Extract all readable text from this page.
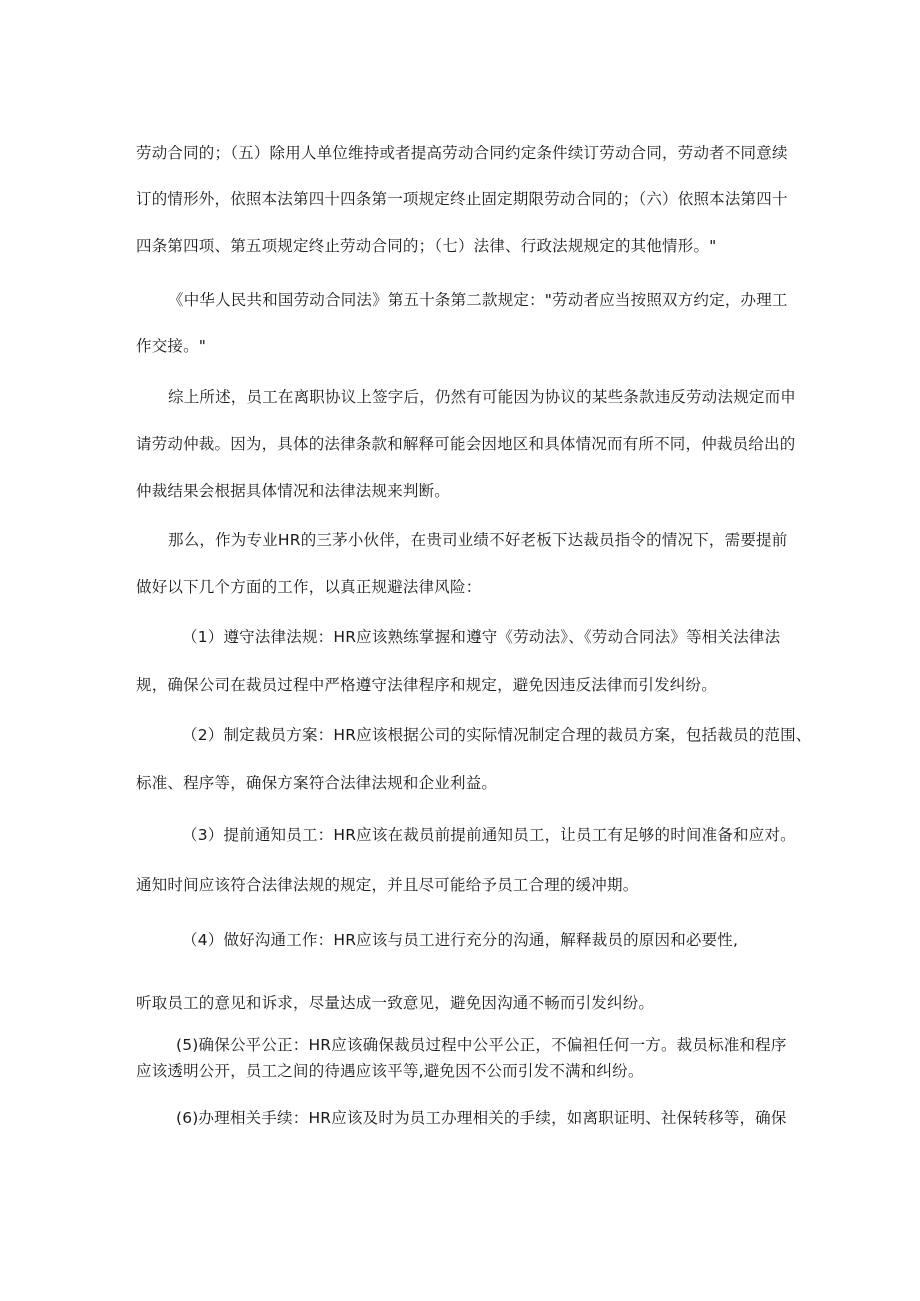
劳动合同的；（五）除用人单位维持或者提高劳动合同约定条件续订劳动合同，劳动者不同意续
订的情形外，依照本法第四十四条第一项规定终止固定期限劳动合同的；（六）依照本法第四十
四条第四项、第五项规定终止劳动合同的；（七）法律、行政法规规定的其他情形。"
《中华人民共和国劳动合同法》第五十条第二款规定："劳动者应当按照双方约定，办理工
作交接。"
综上所述，员工在离职协议上签字后，仍然有可能因为协议的某些条款违反劳动法规定而申
请劳动仲裁。因为，具体的法律条款和解释可能会因地区和具体情况而有所不同，仲裁员给出的
仲裁结果会根据具体情况和法律法规来判断。
那么，作为专业HR的三茅小伙伴，在贵司业绩不好老板下达裁员指令的情况下，需要提前
做好以下几个方面的工作，以真正规避法律风险：
（1）遵守法律法规：HR应该熟练掌握和遵守《劳动法》、《劳动合同法》等相关法律法
规，确保公司在裁员过程中严格遵守法律程序和规定，避免因违反法律而引发纠纷。
（2）制定裁员方案：HR应该根据公司的实际情况制定合理的裁员方案，包括裁员的范围、
标准、程序等，确保方案符合法律法规和企业利益。
（3）提前通知员工：HR应该在裁员前提前通知员工，让员工有足够的时间准备和应对。
通知时间应该符合法律法规的规定，并且尽可能给予员工合理的缓冲期。
（4）做好沟通工作：HR应该与员工进行充分的沟通，解释裁员的原因和必要性,
听取员工的意见和诉求，尽量达成一致意见，避免因沟通不畅而引发纠纷。
(5)确保公平公正：HR应该确保裁员过程中公平公正，不偏袒任何一方。裁员标准和程序
应该透明公开，员工之间的待遇应该平等,避免因不公而引发不满和纠纷。
(6)办理相关手续：HR应该及时为员工办理相关的手续，如离职证明、社保转移等，确保
